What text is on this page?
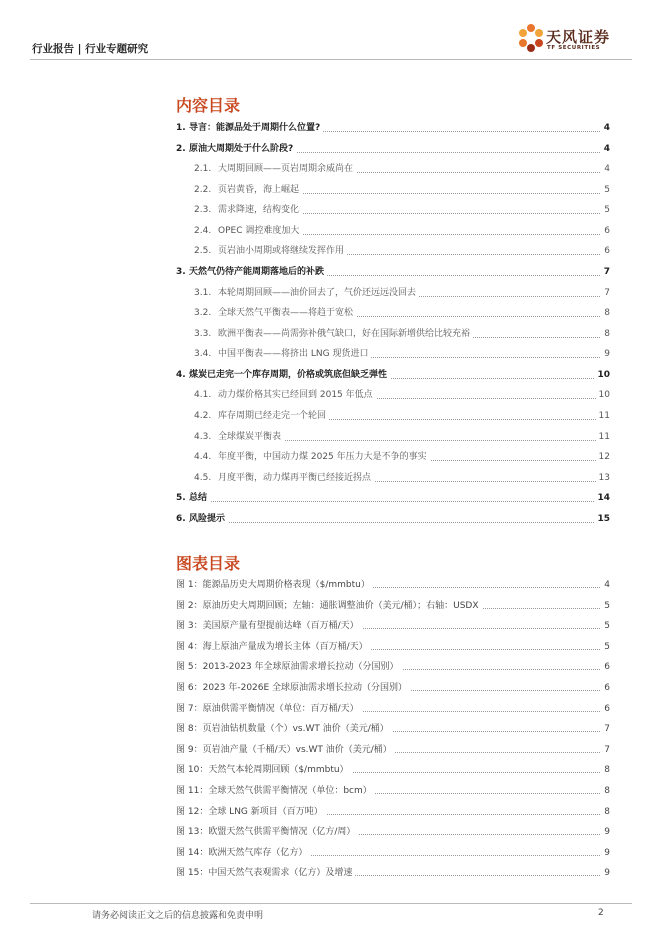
行业报告 | 行业专题研究
天风证券
TF SECURITIES
内容目录
1. 导言：能源品处于周期什么位置?	4
2. 原油大周期处于什么阶段?	4
2.1. 大周期回顾——页岩周期余威尚在	4
2.2. 页岩黄昏，海上崛起	5
2.3. 需求降速，结构变化	5
2.4. OPEC 调控难度加大	6
2.5. 页岩油小周期或将继续发挥作用	6
3. 天然气仍待产能周期落地后的补跌	7
3.1. 本轮周期回顾——油价回去了，气价还远远没回去	7
3.2. 全球天然气平衡表——将趋于宽松	8
3.3. 欧洲平衡表——尚需弥补俄气缺口，好在国际新增供给比较充裕	8
3.4. 中国平衡表——将挤出 LNG 现货进口	9
4. 煤炭已走完一个库存周期，价格或筑底但缺乏弹性	10
4.1. 动力煤价格其实已经回到 2015 年低点	10
4.2. 库存周期已经走完一个轮回	11
4.3. 全球煤炭平衡表	11
4.4. 年度平衡，中国动力煤 2025 年压力大是不争的事实	12
4.5. 月度平衡，动力煤再平衡已经接近拐点	13
5. 总结	14
6. 风险提示	15
图表目录
图 1：能源品历史大周期价格表现（$/mmbtu）	4
图 2：原油历史大周期回顾；左轴：通胀调整油价（美元/桶）；右轴：USDX	5
图 3：美国原产量有望提前达峰（百万桶/天）	5
图 4：海上原油产量成为增长主体（百万桶/天）	5
图 5：2013-2023 年全球原油需求增长拉动（分国别）	6
图 6：2023 年-2026E 全球原油需求增长拉动（分国别）	6
图 7：原油供需平衡情况（单位：百万桶/天）	6
图 8：页岩油钻机数量（个）vs.WT 油价（美元/桶）	7
图 9：页岩油产量（千桶/天）vs.WT 油价（美元/桶）	7
图 10：天然气本轮周期回顾（$/mmbtu）	8
图 11：全球天然气供需平衡情况（单位：bcm）	8
图 12：全球 LNG 新项目（百万吨）	8
图 13：欧盟天然气供需平衡情况（亿方/周）	9
图 14：欧洲天然气库存（亿方）	9
图 15：中国天然气表观需求（亿方）及增速	9
请务必阅读正文之后的信息披露和免责申明	2
